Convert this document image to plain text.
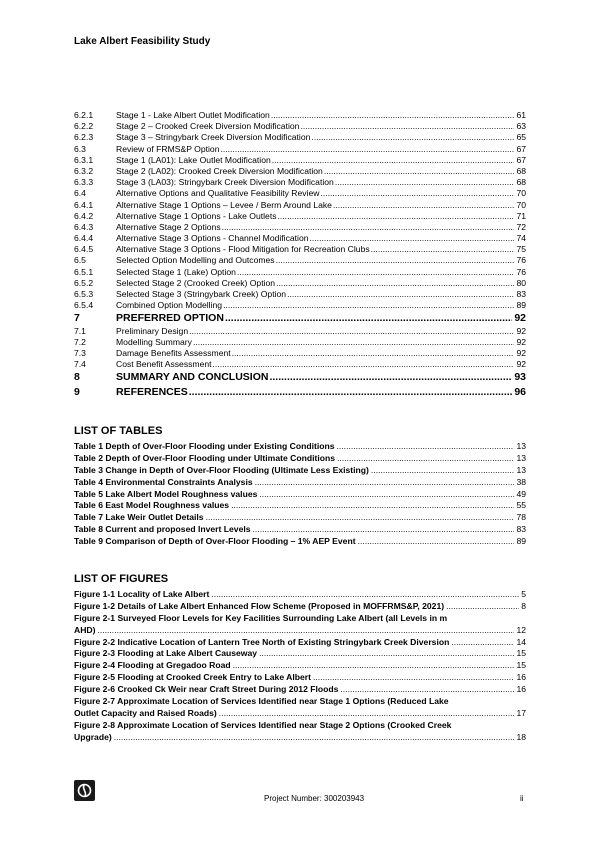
Lake Albert Feasibility Study
6.2.1	Stage 1 - Lake Albert Outlet Modification .....	61
6.2.2	Stage 2 – Crooked Creek Diversion Modification .....	63
6.2.3	Stage 3 – Stringybark Creek Diversion Modification .....	65
6.3	Review of FRMS&P Option .....	67
6.3.1	Stage 1 (LA01): Lake Outlet Modification .....	67
6.3.2	Stage 2 (LA02): Crooked Creek Diversion Modification .....	68
6.3.3	Stage 3 (LA03): Stringybark Creek Diversion Modification .....	68
6.4	Alternative Options and Qualitative Feasibility Review .....	70
6.4.1	Alternative Stage 1 Options – Levee / Berm Around Lake .....	70
6.4.2	Alternative Stage 1 Options - Lake Outlets .....	71
6.4.3	Alternative Stage 2 Options .....	72
6.4.4	Alternative Stage 3 Options - Channel Modification .....	74
6.4.5	Alternative Stage 3 Options - Flood Mitigation for Recreation Clubs .....	75
6.5	Selected Option Modelling and Outcomes .....	76
6.5.1	Selected Stage 1 (Lake) Option .....	76
6.5.2	Selected Stage 2 (Crooked Creek) Option .....	80
6.5.3	Selected Stage 3 (Stringybark Creek) Option .....	83
6.5.4	Combined Option Modelling .....	89
7	PREFERRED OPTION .....	92
7.1	Preliminary Design .....	92
7.2	Modelling Summary .....	92
7.3	Damage Benefits Assessment .....	92
7.4	Cost Benefit Assessment .....	92
8	SUMMARY AND CONCLUSION .....	93
9	REFERENCES .....	96
LIST OF TABLES
Table 1 Depth of Over-Floor Flooding under Existing Conditions .....	13
Table 2 Depth of Over-Floor Flooding under Ultimate Conditions .....	13
Table 3 Change in Depth of Over-Floor Flooding (Ultimate Less Existing) .....	13
Table 4 Environmental Constraints Analysis .....	38
Table 5 Lake Albert Model Roughness values .....	49
Table 6 East Model Roughness values .....	55
Table 7 Lake Weir Outlet Details .....	78
Table 8 Current and proposed Invert Levels .....	83
Table 9 Comparison of Depth of Over-Floor Flooding – 1% AEP Event .....	89
LIST OF FIGURES
Figure 1-1 Locality of Lake Albert .....	5
Figure 1-2 Details of Lake Albert Enhanced Flow Scheme (Proposed in MOFFRMS&P, 2021) .....	8
Figure 2-1 Surveyed Floor Levels for Key Facilities Surrounding Lake Albert (all Levels in m
AHD) .....	12
Figure 2-2 Indicative Location of Lantern Tree North of Existing Stringybark Creek Diversion .....	14
Figure 2-3 Flooding at Lake Albert Causeway .....	15
Figure 2-4 Flooding at Gregadoo Road .....	15
Figure 2-5 Flooding at Crooked Creek Entry to Lake Albert .....	16
Figure 2-6 Crooked Ck Weir near Craft Street During 2012 Floods .....	16
Figure 2-7 Approximate Location of Services Identified near Stage 1 Options (Reduced Lake
Outlet Capacity and Raised Roads) .....	17
Figure 2-8 Approximate Location of Services Identified near Stage 2 Options (Crooked Creek
Upgrade) .....	18
Project Number: 300203943	ii
